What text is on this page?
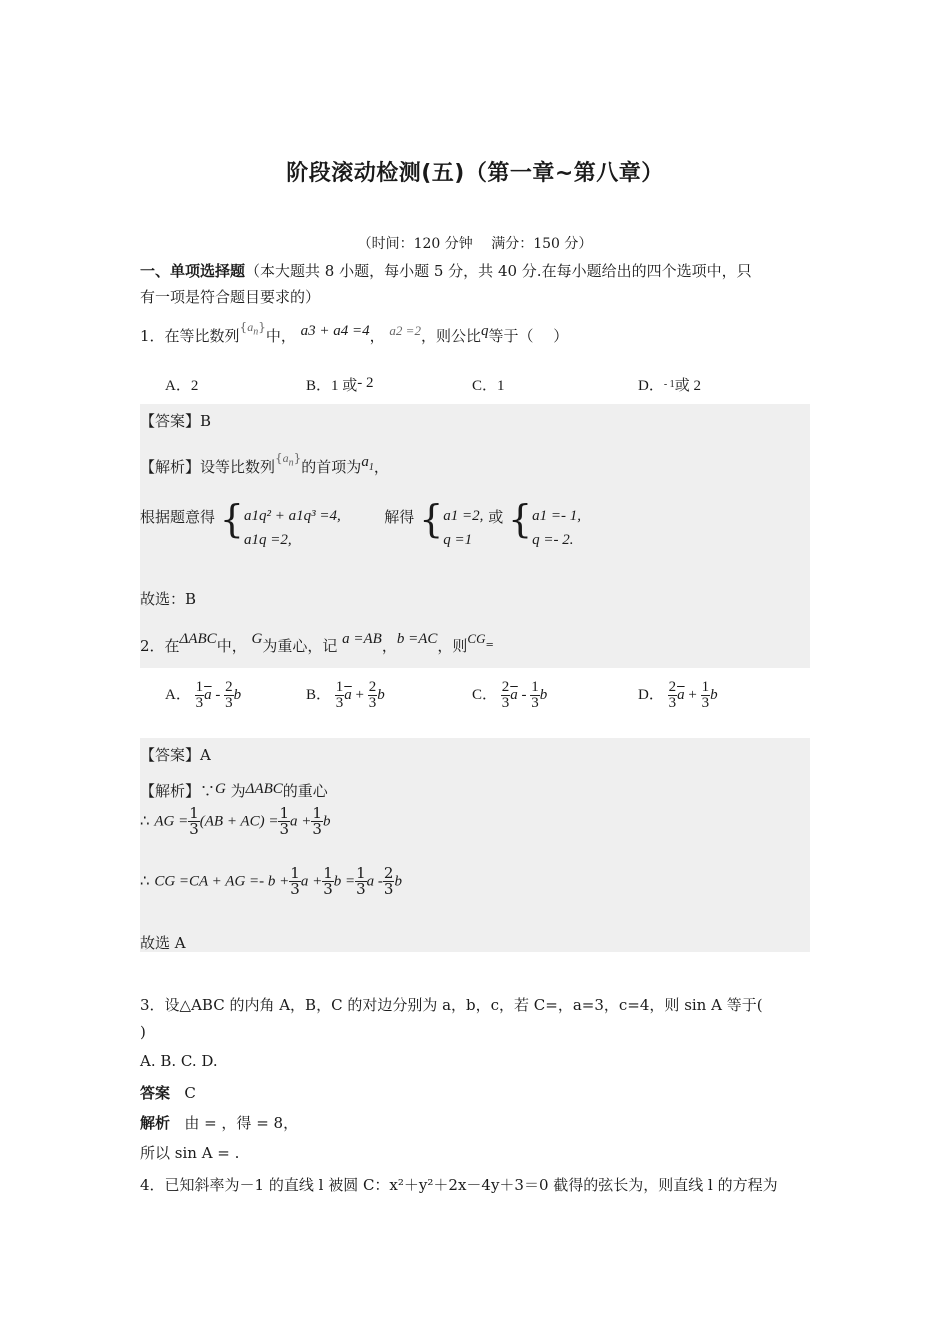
阶段滚动检测(五)（第一章~第八章）
（时间：120 分钟　 满分：150 分）
一、单项选择题（本大题共 8 小题，每小题 5 分，共 40 分.在每小题给出的四个选项中，只
有一项是符合题目要求的）
1．在等比数列$\{a_n\}$中， a3 + a4 =4， a2 =2，则公比q等于（　 ）
A．2	B．1 或- 2	C．1	D．$^{- 1}$或 2
【答案】B
【解析】设等比数列$\{a_n\}$的首项为$a_1$，
根据题意得 {a1q² + a1q³ =4,
a1q =2,  解得 {a1 =2,
q =1 或 {a1 =- 1,
q =- 2.
故选：B
2．在ΔABC中， G为重心，记 a =AB，b =AC，则CG=
A． $\frac{1}{3} \overline{a} - \frac{2}{3}$ b	B． $\frac{1}{3} \overline{a} + \frac{2}{3}$ b	C． $\frac{2}{3} \overline{a} - \frac{1}{3}$ b	D． $\frac{2}{3} \overline{a} + \frac{1}{3}$ b
【答案】A
【解析】∵G 为ΔABC的重心
∴ AG = $\frac{1}{3} (AB + AC) = \frac{1}{3}$ $a + \frac{1}{3}$ b
∴ CG =CA + AG =- $b + \frac{1}{3}$ $a + \frac{1}{3}$ $b = \frac{1}{3}$ a - $\frac{2}{3}$ b
故选 A
3．设△ABC 的内角 A，B，C 的对边分别为 a，b，c，若 C=，a=3，c=4，则 sin A 等于(
)
A. B. C. D.
答案 C
解析 由 = ，得 = 8，
所以 sin A = .
4．已知斜率为－1 的直线 l 被圆 C：x²＋y²＋2x－4y＋3＝0 截得的弦长为，则直线 l 的方程为
